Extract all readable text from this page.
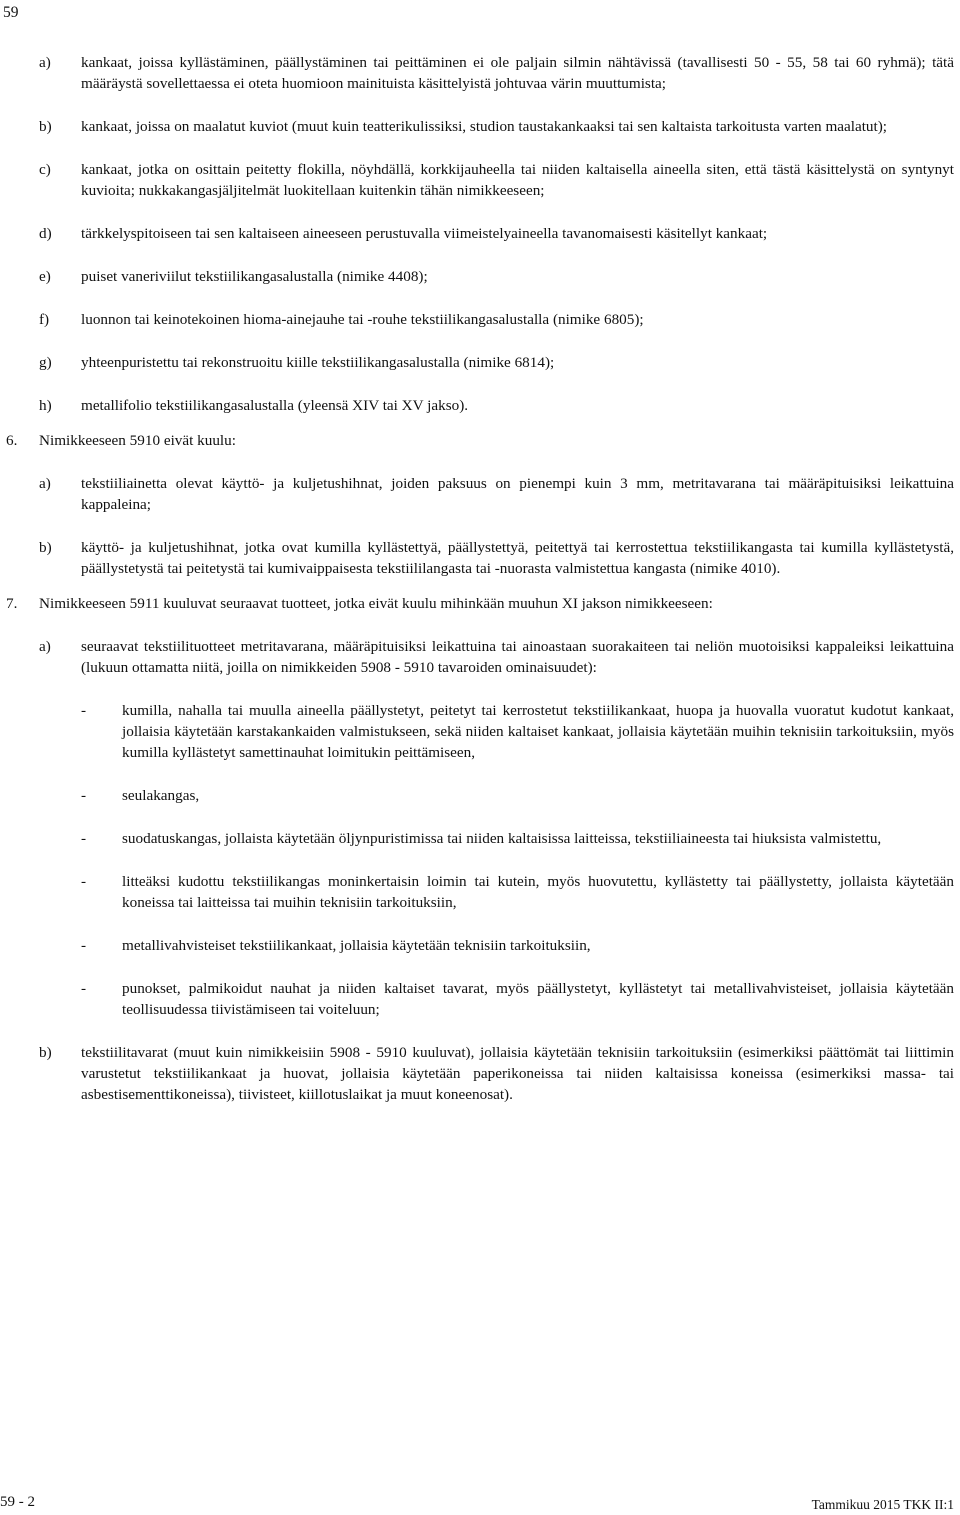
59
a) kankaat, joissa kyllästäminen, päällystäminen tai peittäminen ei ole paljain silmin nähtävissä (tavallisesti 50 - 55, 58 tai 60 ryhmä); tätä määräystä sovellettaessa ei oteta huomioon mainituista käsittelyistä johtuvaa värin muuttumista;
b) kankaat, joissa on maalatut kuviot (muut kuin teatterikulissiksi, studion taustakankaaksi tai sen kaltaista tarkoitusta varten maalatut);
c) kankaat, jotka on osittain peitetty flokilla, nöyhdällä, korkkijauheella tai niiden kaltaisella aineella siten, että tästä käsittelystä on syntynyt kuvioita; nukkakangasjäljitelmät luokitellaan kuitenkin tähän nimikkeeseen;
d) tärkkelyspitoiseen tai sen kaltaiseen aineeseen perustuvalla viimeistelyaineella tavanomaisesti käsitellyt kankaat;
e) puiset vaneriviilut tekstiilikangasalustalla (nimike 4408);
f) luonnon tai keinotekoinen hioma-ainejauhe tai -rouhe tekstiilikangasalustalla (nimike 6805);
g) yhteenpuristettu tai rekonstruoitu kiille tekstiilikangasalustalla (nimike 6814);
h) metallifolio tekstiilikangasalustalla (yleensä XIV tai XV jakso).
6. Nimikkeeseen 5910 eivät kuulu:
a) tekstiiliainetta olevat käyttö- ja kuljetushihnat, joiden paksuus on pienempi kuin 3 mm, metritavarana tai määräpituisiksi leikattuina kappaleina;
b) käyttö- ja kuljetushihnat, jotka ovat kumilla kyllästettyä, päällystettyä, peitettyä tai kerrostettua tekstiilikangasta tai kumilla kyllästetystä, päällystetystä tai peitetystä tai kumivaippaisesta tekstiililangasta tai -nuorasta valmistettua kangasta (nimike 4010).
7. Nimikkeeseen 5911 kuuluvat seuraavat tuotteet, jotka eivät kuulu mihinkään muuhun XI jakson nimikkeeseen:
a) seuraavat tekstiilituotteet metritavarana, määräpituisiksi leikattuina tai ainoastaan suorakaiteen tai neliön muotoisiksi kappaleiksi leikattuina (lukuun ottamatta niitä, joilla on nimikkeiden 5908 - 5910 tavaroiden ominaisuudet):
- kumilla, nahalla tai muulla aineella päällystetyt, peitetyt tai kerrostetut tekstiilikankaat, huopa ja huovalla vuoratut kudotut kankaat, jollaisia käytetään karstakankaiden valmistukseen, sekä niiden kaltaiset kankaat, jollaisia käytetään muihin teknisiin tarkoituksiin, myös kumilla kyllästetyt samettinauhat loimitukin peittämiseen,
- seulakangas,
- suodatuskangas, jollaista käytetään öljynpuristimissa tai niiden kaltaisissa laitteissa, tekstiiliaineesta tai hiuksista valmistettu,
- litteäksi kudottu tekstiilikangas moninkertaisin loimin tai kutein, myös huovutettu, kyllästetty tai päällystetty, jollaista käytetään koneissa tai laitteissa tai muihin teknisiin tarkoituksiin,
- metallivahvisteiset tekstiilikankaat, jollaisia käytetään teknisiin tarkoituksiin,
- punokset, palmikoidut nauhat ja niiden kaltaiset tavarat, myös päällystetyt, kyllästetyt tai metallivahvisteiset, jollaisia käytetään teollisuudessa tiivistämiseen tai voiteluun;
b) tekstiilitavarat (muut kuin nimikkeisiin 5908 - 5910 kuuluvat), jollaisia käytetään teknisiin tarkoituksiin (esimerkiksi päättömät tai liittimin varustetut tekstiilikankaat ja huovat, jollaisia käytetään paperikoneissa tai niiden kaltaisissa koneissa (esimerkiksi massa- tai asbestisementtikoneissa), tiivisteet, kiillotuslaikat ja muut koneenosat).
59 - 2	Tammikuu 2015 TKK II:1
